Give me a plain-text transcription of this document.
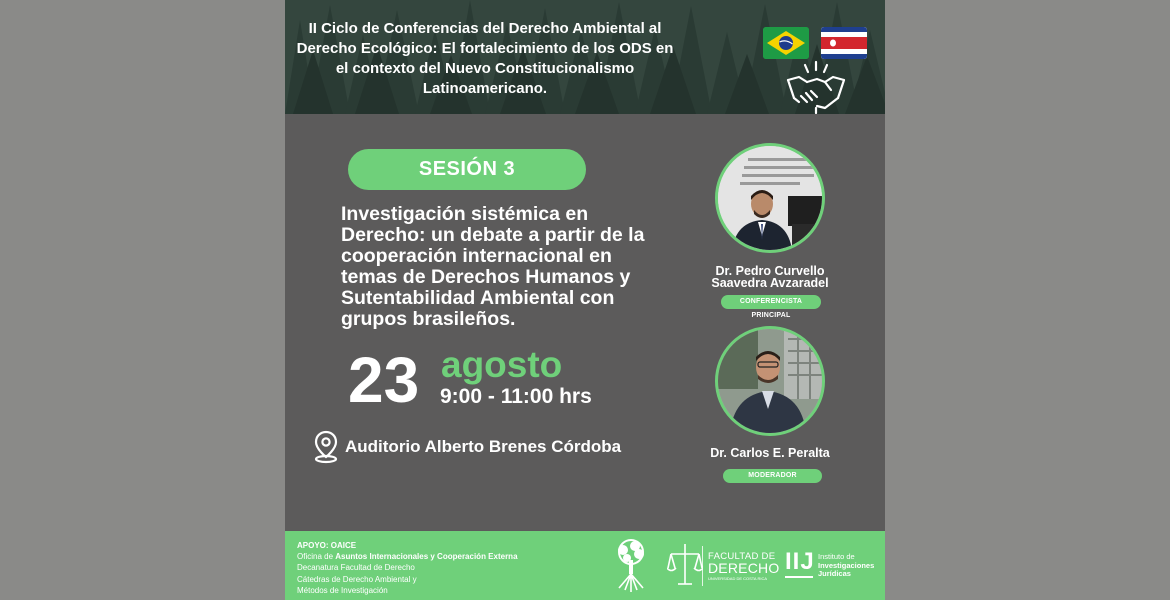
II Ciclo de Conferencias del Derecho Ambiental al Derecho Ecológico: El fortalecimiento de los ODS en el contexto del Nuevo Constitucionalismo Latinoamericano.
SESIÓN 3
Investigación sistémica en Derecho: un debate a partir de la cooperación internacional en temas de Derechos Humanos y Sutentabilidad Ambiental con grupos brasileños.
23 agosto
9:00 - 11:00 hrs
Auditorio Alberto Brenes Córdoba
Dr. Pedro Curvello Saavedra Avzaradel
CONFERENCISTA PRINCIPAL
Dr. Carlos E. Peralta
MODERADOR
APOYO: OAICE
Oficina de Asuntos Internacionales y Cooperación Externa
Decanatura Facultad de Derecho
Cátedras de Derecho Ambiental y
Métodos de Investigación
FACULTAD DE
DERECHO
UNIVERSIDAD DE COSTA RICA
IIJ Instituto de
Investigaciones
Jurídicas
